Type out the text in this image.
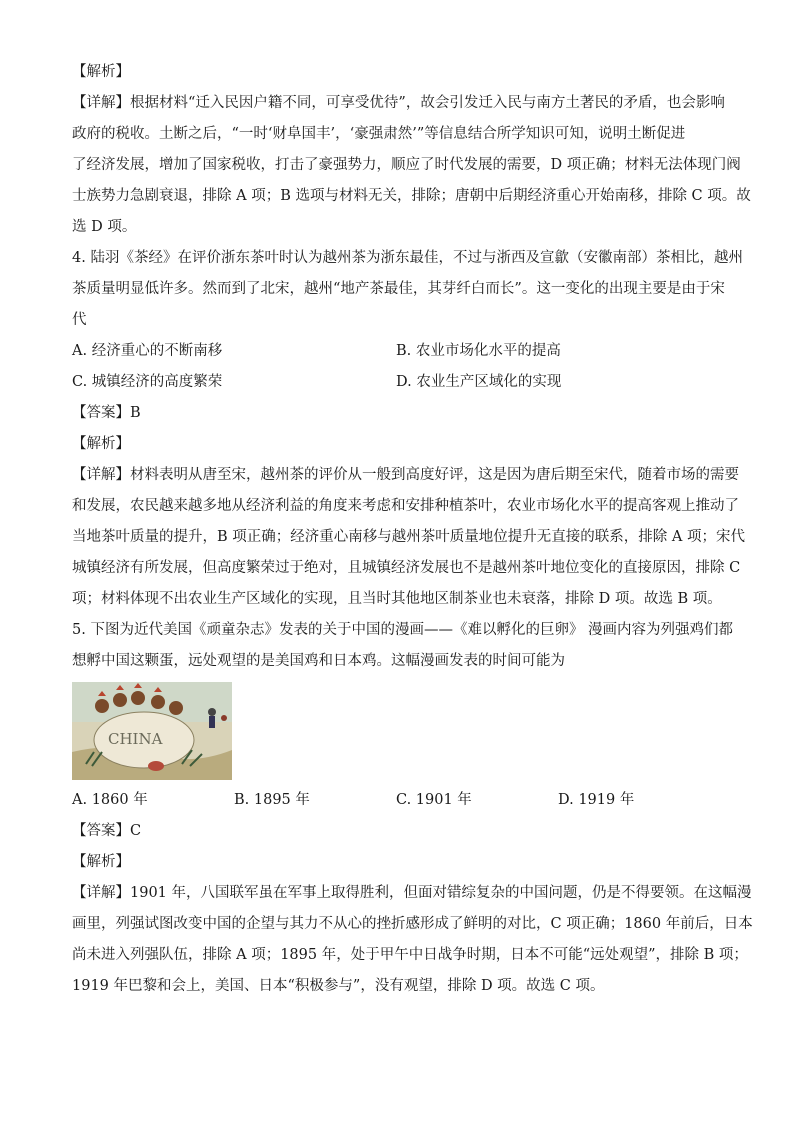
【解析】

【详解】根据材料“迁入民因户籍不同，可享受优待”，故会引发迁入民与南方土著民的矛盾，也会影响

政府的税收。土断之后，“一时‘财阜国丰’，‘豪强肃然’”等信息结合所学知识可知，说明土断促进

了经济发展，增加了国家税收，打击了豪强势力，顺应了时代发展的需要，D 项正确；材料无法体现门阀

士族势力急剧衰退，排除 A 项；B 选项与材料无关，排除；唐朝中后期经济重心开始南移，排除 C 项。故

选 D 项。

4. 陆羽《茶经》在评价浙东茶叶时认为越州茶为浙东最佳，不过与浙西及宣歙（安徽南部）茶相比，越州

茶质量明显低许多。然而到了北宋，越州“地产茶最佳，其芽纤白而长”。这一变化的出现主要是由于宋

代

A. 经济重心的不断南移	B. 农业市场化水平的提高
C. 城镇经济的高度繁荣	D. 农业生产区域化的实现

【答案】B

【解析】

【详解】材料表明从唐至宋，越州茶的评价从一般到高度好评，这是因为唐后期至宋代，随着市场的需要

和发展，农民越来越多地从经济利益的角度来考虑和安排种植茶叶，农业市场化水平的提高客观上推动了

当地茶叶质量的提升，B 项正确；经济重心南移与越州茶叶质量地位提升无直接的联系，排除 A 项；宋代

城镇经济有所发展，但高度繁荣过于绝对，且城镇经济发展也不是越州茶叶地位变化的直接原因，排除 C

项；材料体现不出农业生产区域化的实现，且当时其他地区制茶业也未衰落，排除 D 项。故选 B 项。

5. 下图为近代美国《顽童杂志》发表的关于中国的漫画——《难以孵化的巨卵》 漫画内容为列强鸡们都

想孵中国这颗蛋，远处观望的是美国鸡和日本鸡。这幅漫画发表的时间可能为

CHINA
A. 1860 年	B. 1895 年	C. 1901 年	D. 1919 年

【答案】C

【解析】

【详解】1901 年，八国联军虽在军事上取得胜利，但面对错综复杂的中国问题，仍是不得要领。在这幅漫

画里，列强试图改变中国的企望与其力不从心的挫折感形成了鲜明的对比，C 项正确；1860 年前后，日本

尚未进入列强队伍，排除 A 项；1895 年，处于甲午中日战争时期，日本不可能“远处观望”，排除 B 项；

1919 年巴黎和会上，美国、日本“积极参与”，没有观望，排除 D 项。故选 C 项。
